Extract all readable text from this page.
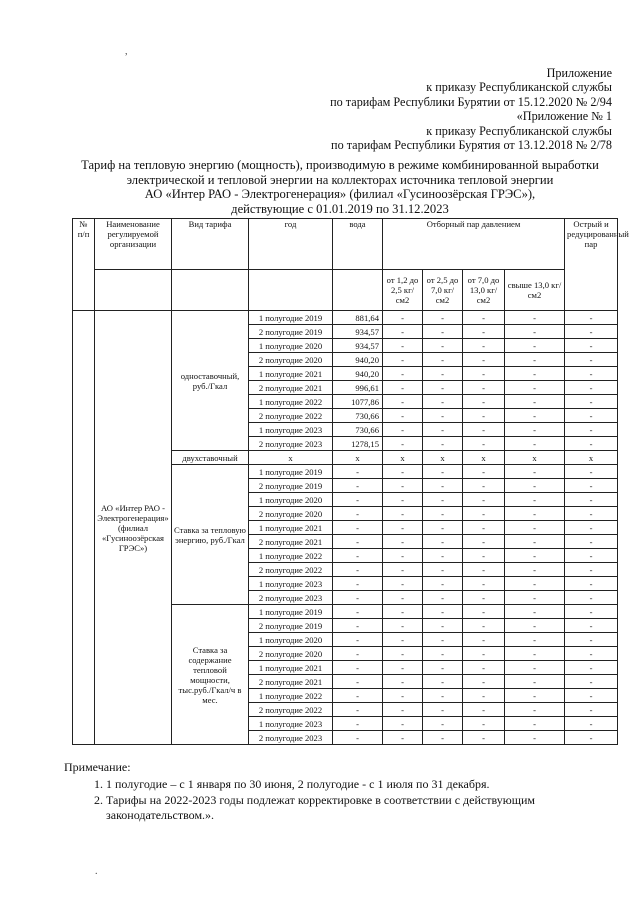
Приложение
к приказу Республиканской службы
по тарифам Республики Бурятии от 15.12.2020 № 2/94
«Приложение № 1
к приказу Республиканской службы
по тарифам Республики Бурятия от 13.12.2018 № 2/78
Тариф на тепловую энергию (мощность), производимую в режиме комбинированной выработки
электрической и тепловой энергии на коллекторах источника тепловой энергии
АО «Интер РАО - Электрогенерация» (филиал «Гусиноозёрская ГРЭС»),
действующие с 01.01.2019 по 31.12.2023
№ п/п	Наименование регулируемой организации	Вид тарифа	год	вода	Отборный пар давлением				Острый и редуцированный пар
					от 1,2 до 2,5 кг/см2	от 2,5 до 7,0 кг/см2	от 7,0 до 13,0 кг/см2	свыше 13,0 кг/см2	
	АО «Интер РАО - Электрогенерация» (филиал «Гусиноозёрская ГРЭС»)	одноставочный, руб./Гкал	1 полугодие 2019	881,64	-	-	-	-	-
			2 полугодие 2019	934,57	-	-	-	-	-
			1 полугодие 2020	934,57	-	-	-	-	-
			2 полугодие 2020	940,20	-	-	-	-	-
			1 полугодие 2021	940,20	-	-	-	-	-
			2 полугодие 2021	996,61	-	-	-	-	-
			1 полугодие 2022	1077,86	-	-	-	-	-
			2 полугодие 2022	730,66	-	-	-	-	-
			1 полугодие 2023	730,66	-	-	-	-	-
			2 полугодие 2023	1278,15	-	-	-	-	-
		двухставочный	х	х	х	х	х	х	х
		Ставка за тепловую энергию, руб./Гкал	1 полугодие 2019	-	-	-	-	-	-
			2 полугодие 2019	-	-	-	-	-	-
			1 полугодие 2020	-	-	-	-	-	-
			2 полугодие 2020	-	-	-	-	-	-
			1 полугодие 2021	-	-	-	-	-	-
			2 полугодие 2021	-	-	-	-	-	-
			1 полугодие 2022	-	-	-	-	-	-
			2 полугодие 2022	-	-	-	-	-	-
			1 полугодие 2023	-	-	-	-	-	-
			2 полугодие 2023	-	-	-	-	-	-
		Ставка за содержание тепловой мощности, тыс.руб./Гкал/ч в мес.	1 полугодие 2019	-	-	-	-	-	-
			2 полугодие 2019	-	-	-	-	-	-
			1 полугодие 2020	-	-	-	-	-	-
			2 полугодие 2020	-	-	-	-	-	-
			1 полугодие 2021	-	-	-	-	-	-
			2 полугодие 2021	-	-	-	-	-	-
			1 полугодие 2022	-	-	-	-	-	-
			2 полугодие 2022	-	-	-	-	-	-
			1 полугодие 2023	-	-	-	-	-	-
			2 полугодие 2023	-	-	-	-	-	-
Примечание:
1. 1 полугодие – с 1 января по 30 июня, 2 полугодие - с 1 июля по 31 декабря.
2. Тарифы на 2022-2023 годы подлежат корректировке в соответствии с действующим законодательством.».
,
.
